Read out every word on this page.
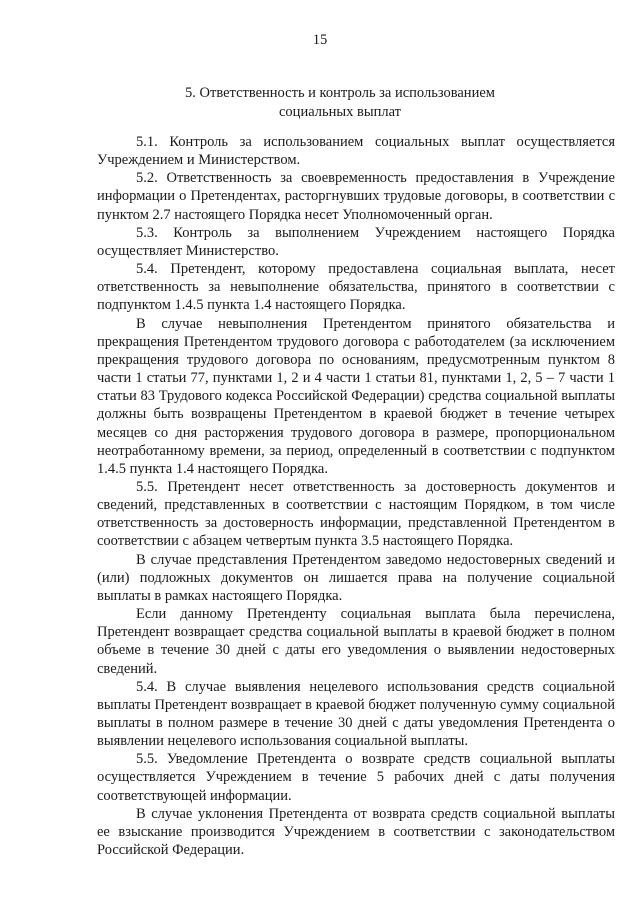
15
5. Ответственность и контроль за использованием
социальных выплат

5.1. Контроль за использованием социальных выплат осуществляется Учреждением и Министерством.

5.2. Ответственность за своевременность предоставления в Учреждение информации о Претендентах, расторгнувших трудовые договоры, в соответствии с пунктом 2.7 настоящего Порядка несет Уполномоченный орган.

5.3. Контроль за выполнением Учреждением настоящего Порядка осуществляет Министерство.

5.4. Претендент, которому предоставлена социальная выплата, несет ответственность за невыполнение обязательства, принятого в соответствии с подпунктом 1.4.5 пункта 1.4 настоящего Порядка.

В случае невыполнения Претендентом принятого обязательства и прекращения Претендентом трудового договора с работодателем (за исключением прекращения трудового договора по основаниям, предусмотренным пунктом 8 части 1 статьи 77, пунктами 1, 2 и 4 части 1 статьи 81, пунктами 1, 2, 5 – 7 части 1 статьи 83 Трудового кодекса Российской Федерации) средства социальной выплаты должны быть возвращены Претендентом в краевой бюджет в течение четырех месяцев со дня расторжения трудового договора в размере, пропорциональном неотработанному времени, за период, определенный в соответствии с подпунктом 1.4.5 пункта 1.4 настоящего Порядка.

5.5. Претендент несет ответственность за достоверность документов и сведений, представленных в соответствии с настоящим Порядком, в том числе ответственность за достоверность информации, представленной Претендентом в соответствии с абзацем четвертым пункта 3.5 настоящего Порядка.

В случае представления Претендентом заведомо недостоверных сведений и (или) подложных документов он лишается права на получение социальной выплаты в рамках настоящего Порядка.

Если данному Претенденту социальная выплата была перечислена, Претендент возвращает средства социальной выплаты в краевой бюджет в полном объеме в течение 30 дней с даты его уведомления о выявлении недостоверных сведений.

5.4. В случае выявления нецелевого использования средств социальной выплаты Претендент возвращает в краевой бюджет полученную сумму социальной выплаты в полном размере в течение 30 дней с даты уведомления Претендента о выявлении нецелевого использования социальной выплаты.

5.5. Уведомление Претендента о возврате средств социальной выплаты осуществляется Учреждением в течение 5 рабочих дней с даты получения соответствующей информации.

В случае уклонения Претендента от возврата средств социальной выплаты ее взыскание производится Учреждением в соответствии с законодательством Российской Федерации.
